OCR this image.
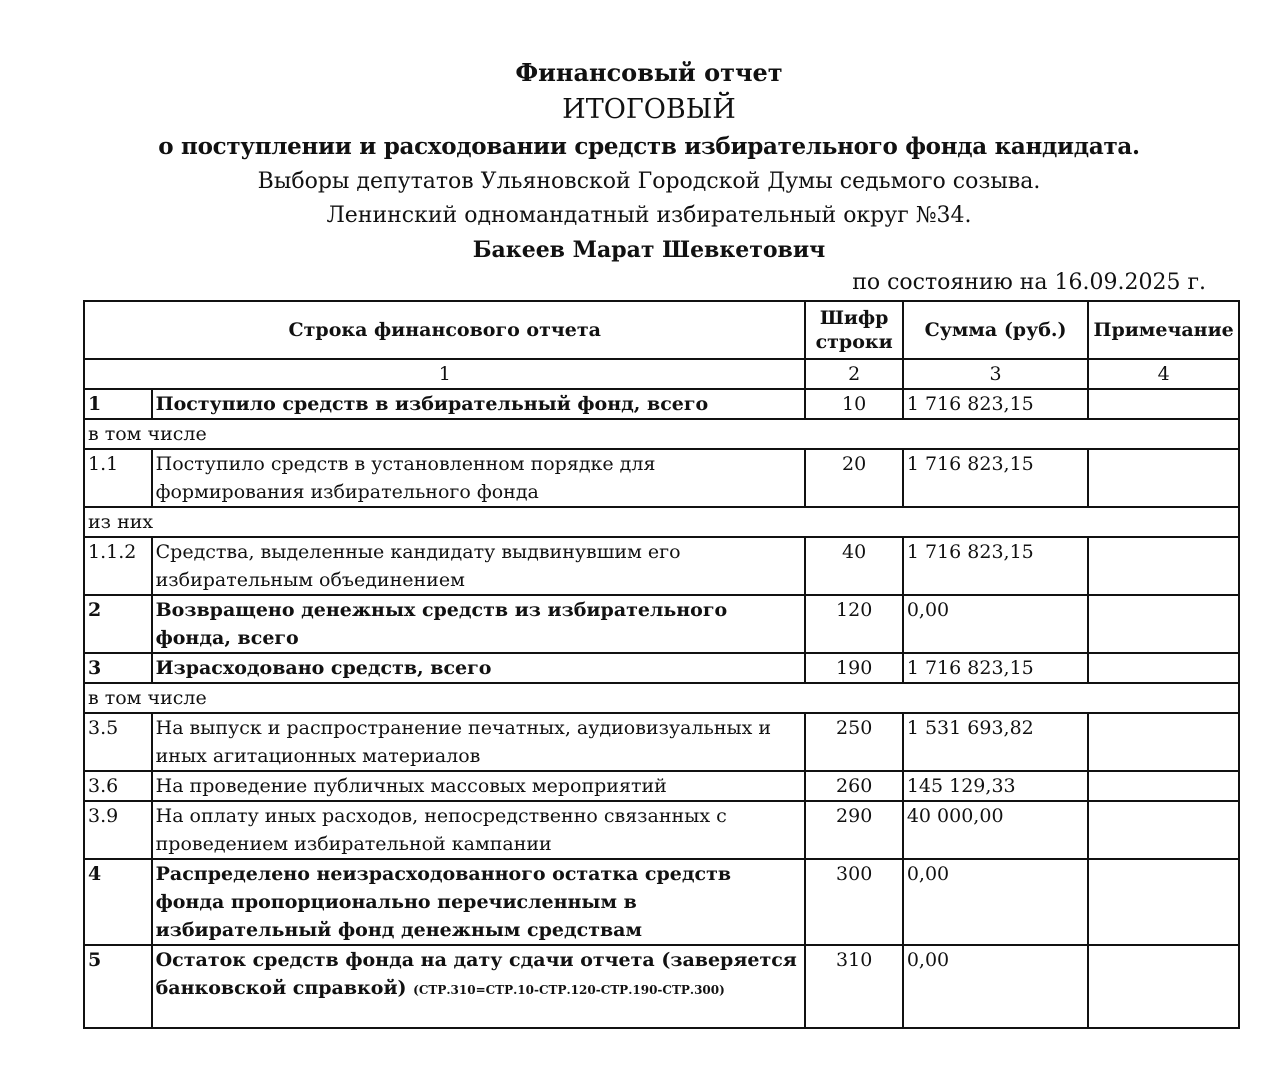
Финансовый отчет
ИТОГОВЫЙ
о поступлении и расходовании средств избирательного фонда кандидата.
Выборы депутатов Ульяновской Городской Думы седьмого созыва.
Ленинский одномандатный избирательный округ №34.
Бакеев Марат Шевкетович
по состоянию на 16.09.2025 г.
Строка финансового отчета		Шифр строки	Сумма (руб.)	Примечание
1		2	3	4
1	Поступило средств в избирательный фонд, всего	10	1 716 823,15	
в том числе				
1.1	Поступило средств в установленном порядке для формирования избирательного фонда	20	1 716 823,15	
из них				
1.1.2	Средства, выделенные кандидату выдвинувшим его избирательным объединением	40	1 716 823,15	
2	Возвращено денежных средств из избирательного фонда, всего	120	0,00	
3	Израсходовано средств, всего	190	1 716 823,15	
в том числе				
3.5	На выпуск и распространение печатных, аудиовизуальных и иных агитационных материалов	250	1 531 693,82	
3.6	На проведение публичных массовых мероприятий	260	145 129,33	
3.9	На оплату иных расходов, непосредственно связанных с проведением избирательной кампании	290	40 000,00	
4	Распределено неизрасходованного остатка средств фонда пропорционально перечисленным в избирательный фонд денежным средствам	300	0,00	
5	Остаток средств фонда на дату сдачи отчета (заверяется банковской справкой) (СТР.310=СТР.10-СТР.120-СТР.190-СТР.300)	310	0,00	
